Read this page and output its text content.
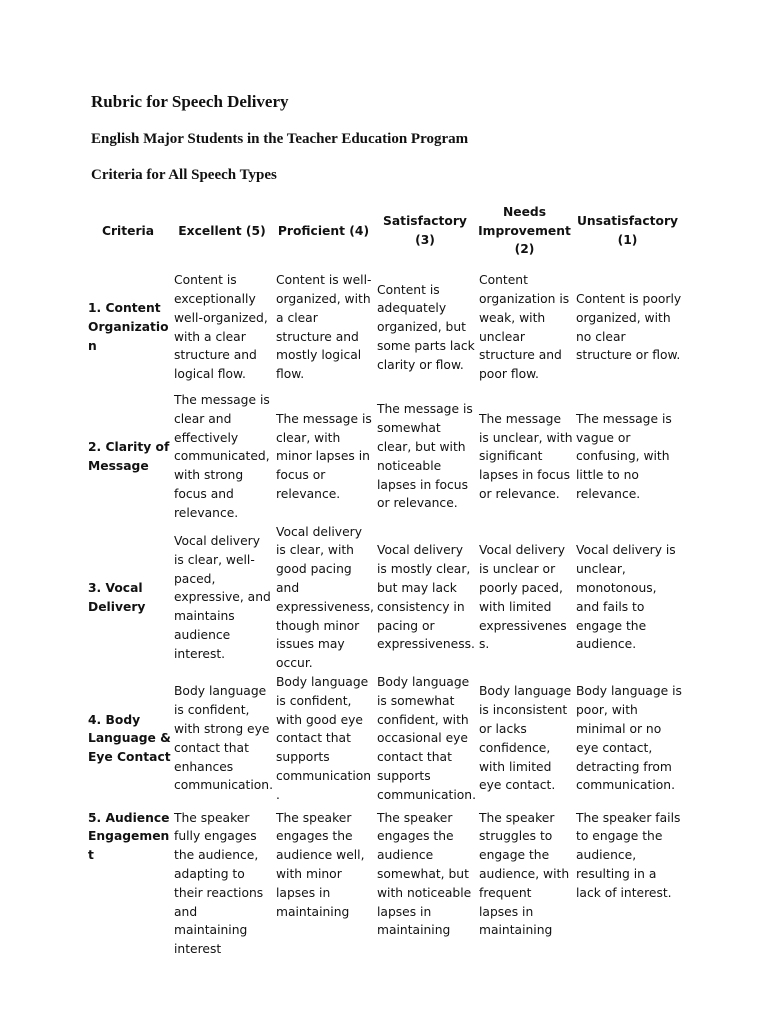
Rubric for Speech Delivery
English Major Students in the Teacher Education Program
Criteria for All Speech Types
Criteria	Excellent (5)	Proficient (4)	Satisfactory (3)	Needs Improvement (2)	Unsatisfactory (1)
1. Content Organization	Content is exceptionally well-organized, with a clear structure and logical flow.	Content is well-organized, with a clear structure and mostly logical flow.	Content is adequately organized, but some parts lack clarity or flow.	Content organization is weak, with unclear structure and poor flow.	Content is poorly organized, with no clear structure or flow.
2. Clarity of Message	The message is clear and effectively communicated, with strong focus and relevance.	The message is clear, with minor lapses in focus or relevance.	The message is somewhat clear, but with noticeable lapses in focus or relevance.	The message is unclear, with significant lapses in focus or relevance.	The message is vague or confusing, with little to no relevance.
3. Vocal Delivery	Vocal delivery is clear, well-paced, expressive, and maintains audience interest.	Vocal delivery is clear, with good pacing and expressiveness, though minor issues may occur.	Vocal delivery is mostly clear, but may lack consistency in pacing or expressiveness.	Vocal delivery is unclear or poorly paced, with limited expressiveness.	Vocal delivery is unclear, monotonous, and fails to engage the audience.
4. Body Language & Eye Contact	Body language is confident, with strong eye contact that enhances communication.	Body language is confident, with good eye contact that supports communication.	Body language is somewhat confident, with occasional eye contact that supports communication.	Body language is inconsistent or lacks confidence, with limited eye contact.	Body language is poor, with minimal or no eye contact, detracting from communication.
5. Audience Engagement	The speaker fully engages the audience, adapting to their reactions and maintaining interest	The speaker engages the audience well, with minor lapses in maintaining	The speaker engages the audience somewhat, but with noticeable lapses in maintaining	The speaker struggles to engage the audience, with frequent lapses in maintaining	The speaker fails to engage the audience, resulting in a lack of interest.
